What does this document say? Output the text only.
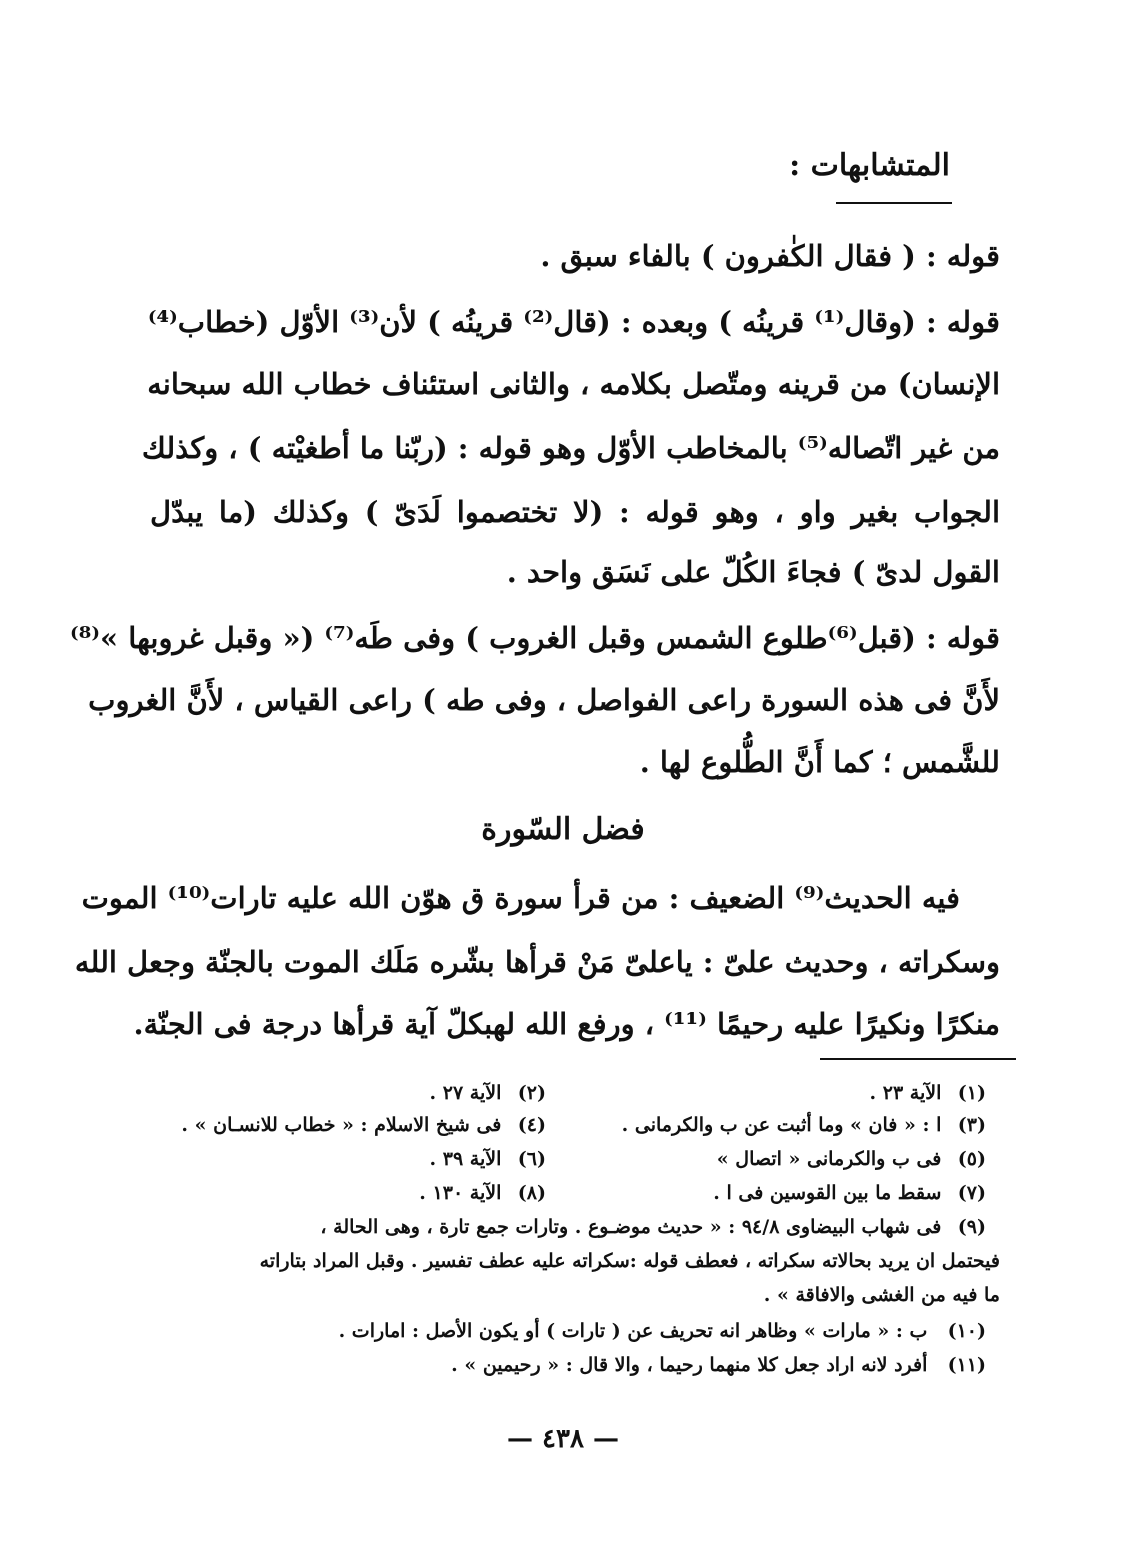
المتشابهات :
قوله : ( فقال الكٰفرون ) بالفاء سبق .
قوله : (وقال⁽¹⁾ قرينُه ) وبعده : (قال⁽²⁾ قرينُه ) لأن⁽³⁾ الأوّل (خطاب⁽⁴⁾
الإنسان) من قرينه ومتّصل بكلامه ، والثانى استئناف خطاب الله سبحانه
من غير اتّصاله⁽⁵⁾ بالمخاطب الأوّل وهو قوله : (ربّنا ما أطغيْته ) ، وكذلك
الجواب بغير واو ، وهو قوله : (لا تختصموا لَدَىّ ) وكذلك (ما يبدّل
القول لدىّ ) فجاءَ الكُلّ على نَسَق واحد .
قوله : (قبل⁽⁶⁾طلوع الشمس وقبل الغروب ) وفى طَه⁽⁷⁾ (« وقبل غروبها »⁽⁸⁾
لأَنَّ فى هذه السورة راعى الفواصل ، وفى طه ) راعى القياس ، لأَنَّ الغروب
للشَّمس ؛ كما أَنَّ الطُّلوع لها .
فضل السّورة
فيه الحديث⁽⁹⁾ الضعيف : من قرأ سورة ق هوّن الله عليه تارات⁽¹⁰⁾ الموت
وسكراته ، وحديث علىّ : ياعلىّ مَنْ قرأها بشّره مَلَك الموت بالجنّة وجعل الله
منكرًا ونكيرًا عليه رحيمًا ⁽¹¹⁾ ، ورفع الله لهبكلّ آية قرأها درجة فى الجنّة.
(١) الآية ٢٣ .
(٢) الآية ٢٧ .
(٣) ا : « فان » وما أثبت عن ب والكرمانى .
(٤) فى شيخ الاسلام : « خطاب للانسـان » .
(٥) فى ب والكرمانى « اتصال »
(٦) الآية ٣٩ .
(٧) سقط ما بين القوسين فى ا .
(٨) الآية ١٣٠ .
(٩) فى شهاب البيضاوى ٩٤/٨ : « حديث موضـوع . وتارات جمع تارة ، وهى الحالة ،
فيحتمل ان يريد بحالاته سكراته ، فعطف قوله :سكراته عليه عطف تفسير . وقبل المراد بتاراته
ما فيه من الغشى والافاقة » .
(١٠) ب : « مارات » وظاهر انه تحريف عن ( تارات ) أو يكون الأصل : امارات .
(١١) أفرد لانه اراد جعل كلا منهما رحيما ، والا قال : « رحيمين » .
— ٤٣٨ —
